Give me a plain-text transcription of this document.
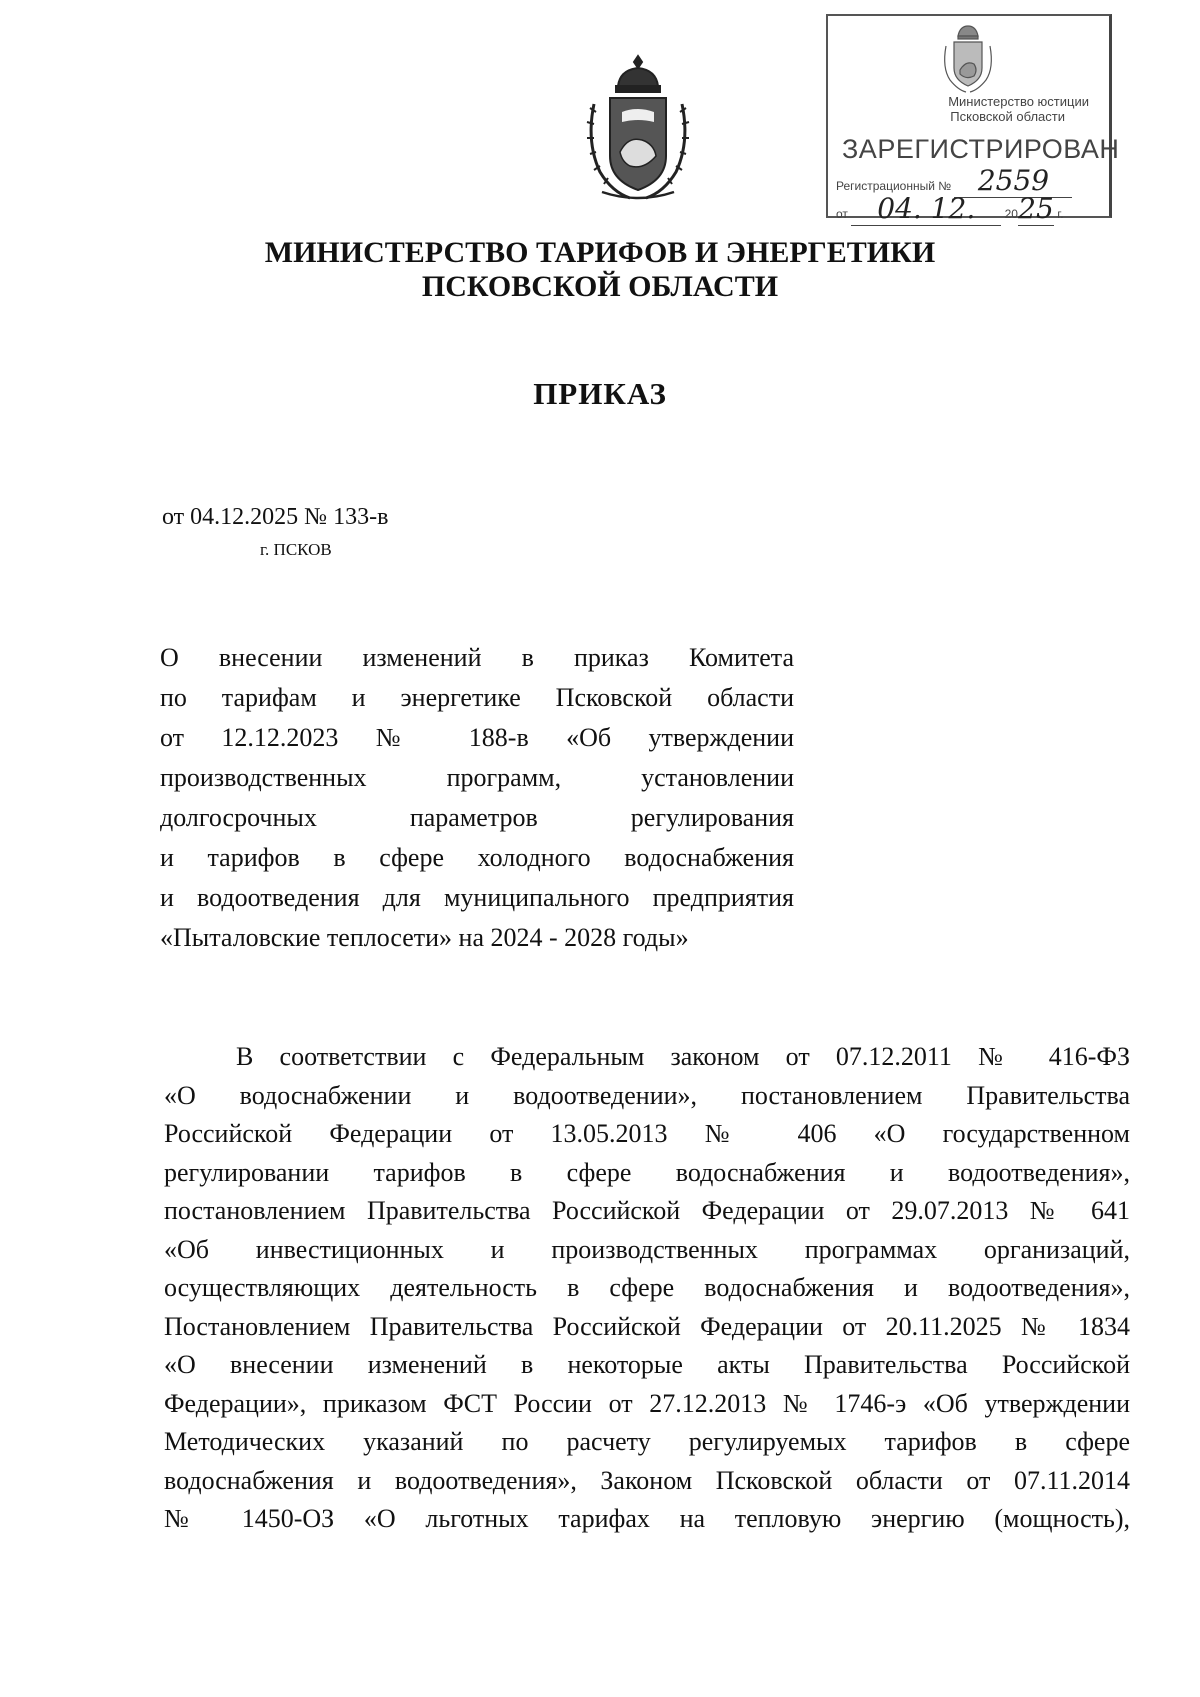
Министерство юстиции
Псковской области
ЗАРЕГИСТРИРОВАН
Регистрационный № 2559
от 04. 12. 2025 г.
МИНИСТЕРСТВО ТАРИФОВ И ЭНЕРГЕТИКИ
ПСКОВСКОЙ ОБЛАСТИ
ПРИКАЗ
от 04.12.2025 № 133-в
г. ПСКОВ
О внесении изменений в приказ Комитета
по тарифам и энергетике Псковской области
от 12.12.2023 № 188-в «Об утверждении
производственных программ, установлении
долгосрочных параметров регулирования
и тарифов в сфере холодного водоснабжения
и водоотведения для муниципального предприятия
«Пыталовские теплосети» на 2024 - 2028 годы»
В соответствии с Федеральным законом от 07.12.2011 № 416-ФЗ
«О водоснабжении и водоотведении», постановлением Правительства
Российской Федерации от 13.05.2013 № 406 «О государственном
регулировании тарифов в сфере водоснабжения и водоотведения»,
постановлением Правительства Российской Федерации от 29.07.2013 № 641
«Об инвестиционных и производственных программах организаций,
осуществляющих деятельность в сфере водоснабжения и водоотведения»,
Постановлением Правительства Российской Федерации от 20.11.2025 № 1834
«О внесении изменений в некоторые акты Правительства Российской
Федерации», приказом ФСТ России от 27.12.2013 № 1746-э «Об утверждении
Методических указаний по расчету регулируемых тарифов в сфере
водоснабжения и водоотведения», Законом Псковской области от 07.11.2014
№ 1450-ОЗ «О льготных тарифах на тепловую энергию (мощность),
